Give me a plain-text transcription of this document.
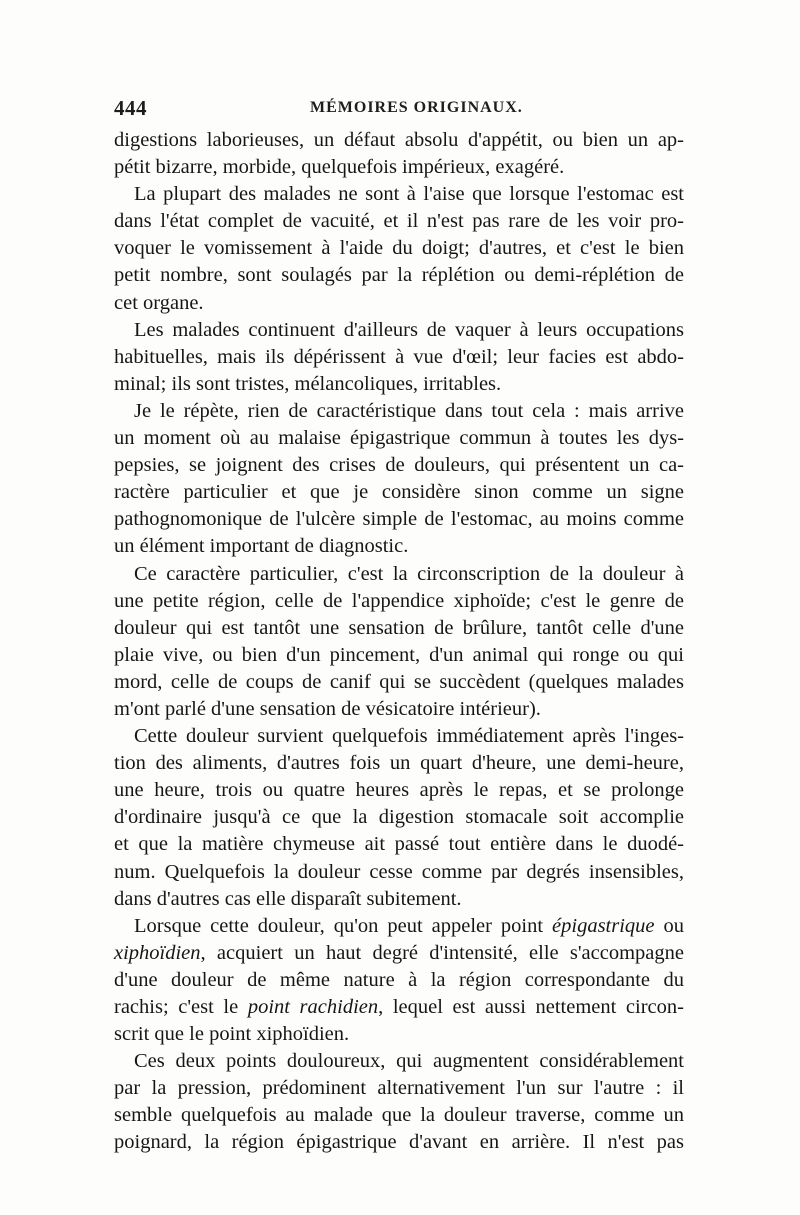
444	MÉMOIRES ORIGINAUX.
digestions laborieuses, un défaut absolu d'appétit, ou bien un ap-
pétit bizarre, morbide, quelquefois impérieux, exagéré.
La plupart des malades ne sont à l'aise que lorsque l'estomac est
dans l'état complet de vacuité, et il n'est pas rare de les voir pro-
voquer le vomissement à l'aide du doigt; d'autres, et c'est le bien
petit nombre, sont soulagés par la réplétion ou demi-réplétion de
cet organe.
Les malades continuent d'ailleurs de vaquer à leurs occupations
habituelles, mais ils dépérissent à vue d'œil; leur facies est abdo-
minal; ils sont tristes, mélancoliques, irritables.
Je le répète, rien de caractéristique dans tout cela : mais arrive
un moment où au malaise épigastrique commun à toutes les dys-
pepsies, se joignent des crises de douleurs, qui présentent un ca-
ractère particulier et que je considère sinon comme un signe
pathognomonique de l'ulcère simple de l'estomac, au moins comme
un élément important de diagnostic.
Ce caractère particulier, c'est la circonscription de la douleur à
une petite région, celle de l'appendice xiphoïde; c'est le genre de
douleur qui est tantôt une sensation de brûlure, tantôt celle d'une
plaie vive, ou bien d'un pincement, d'un animal qui ronge ou qui
mord, celle de coups de canif qui se succèdent (quelques malades
m'ont parlé d'une sensation de vésicatoire intérieur).
Cette douleur survient quelquefois immédiatement après l'inges-
tion des aliments, d'autres fois un quart d'heure, une demi-heure,
une heure, trois ou quatre heures après le repas, et se prolonge
d'ordinaire jusqu'à ce que la digestion stomacale soit accomplie
et que la matière chymeuse ait passé tout entière dans le duodé-
num. Quelquefois la douleur cesse comme par degrés insensibles,
dans d'autres cas elle disparaît subitement.
Lorsque cette douleur, qu'on peut appeler point épigastrique ou
xiphoïdien, acquiert un haut degré d'intensité, elle s'accompagne
d'une douleur de même nature à la région correspondante du
rachis; c'est le point rachidien, lequel est aussi nettement circon-
scrit que le point xiphoïdien.
Ces deux points douloureux, qui augmentent considérablement
par la pression, prédominent alternativement l'un sur l'autre : il
semble quelquefois au malade que la douleur traverse, comme un
poignard, la région épigastrique d'avant en arrière. Il n'est pas
